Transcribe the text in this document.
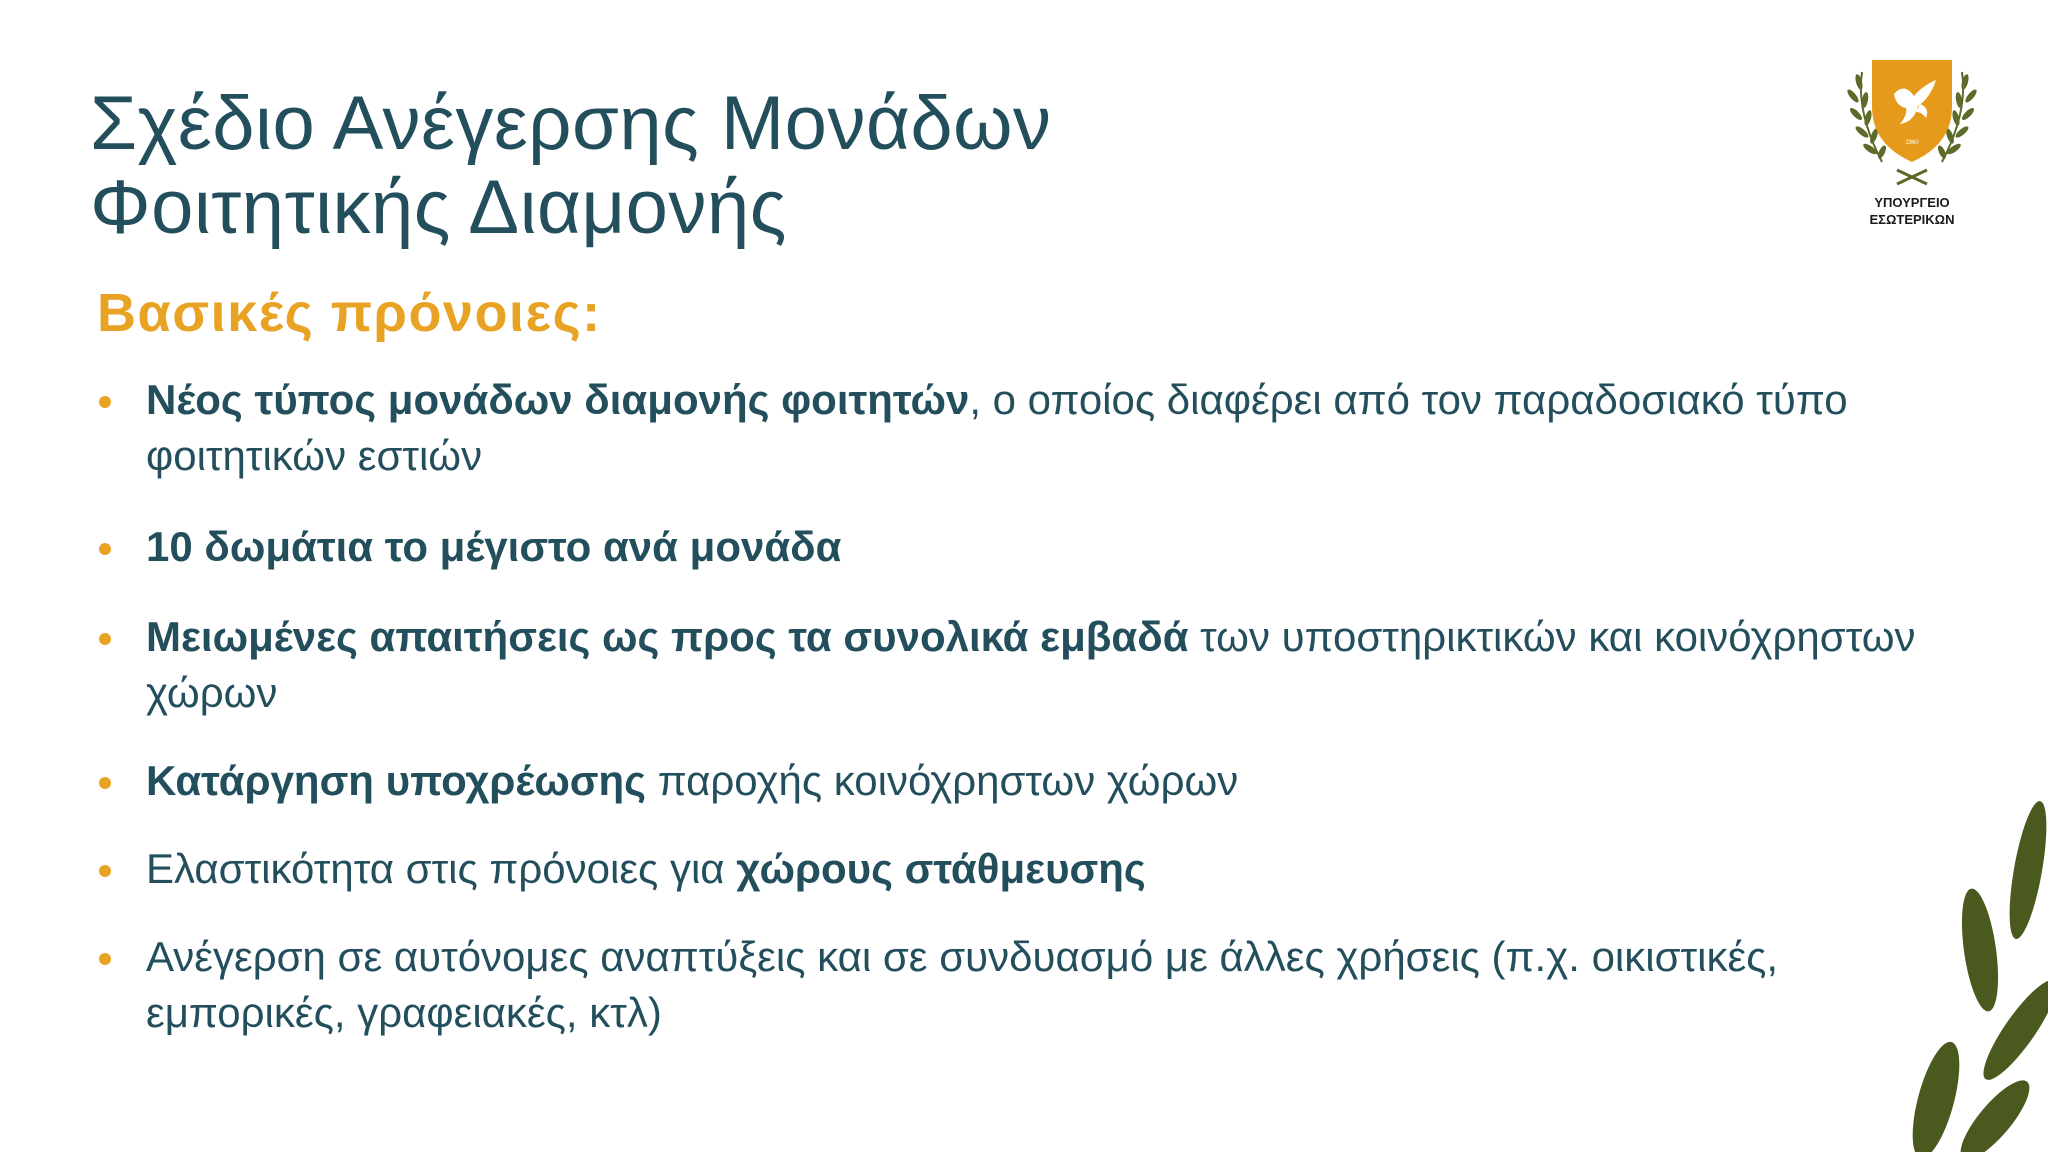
Σχέδιο Ανέγερσης Μονάδων
Φοιτητικής Διαμονής
Βασικές πρόνοιες:
Νέος τύπος μονάδων διαμονής φοιτητών, ο οποίος διαφέρει από τον παραδοσιακό τύπο φοιτητικών εστιών
10 δωμάτια το μέγιστο ανά μονάδα
Μειωμένες απαιτήσεις ως προς τα συνολικά εμβαδά των υποστηρικτικών και κοινόχρηστων χώρων
Κατάργηση υποχρέωσης παροχής κοινόχρηστων χώρων
Ελαστικότητα στις πρόνοιες για χώρους στάθμευσης
Ανέγερση σε αυτόνομες αναπτύξεις και σε συνδυασμό με άλλες χρήσεις (π.χ. οικιστικές, εμπορικές, γραφειακές, κτλ)
1960
ΥΠΟΥΡΓΕΙΟ
ΕΣΩΤΕΡΙΚΩΝ
